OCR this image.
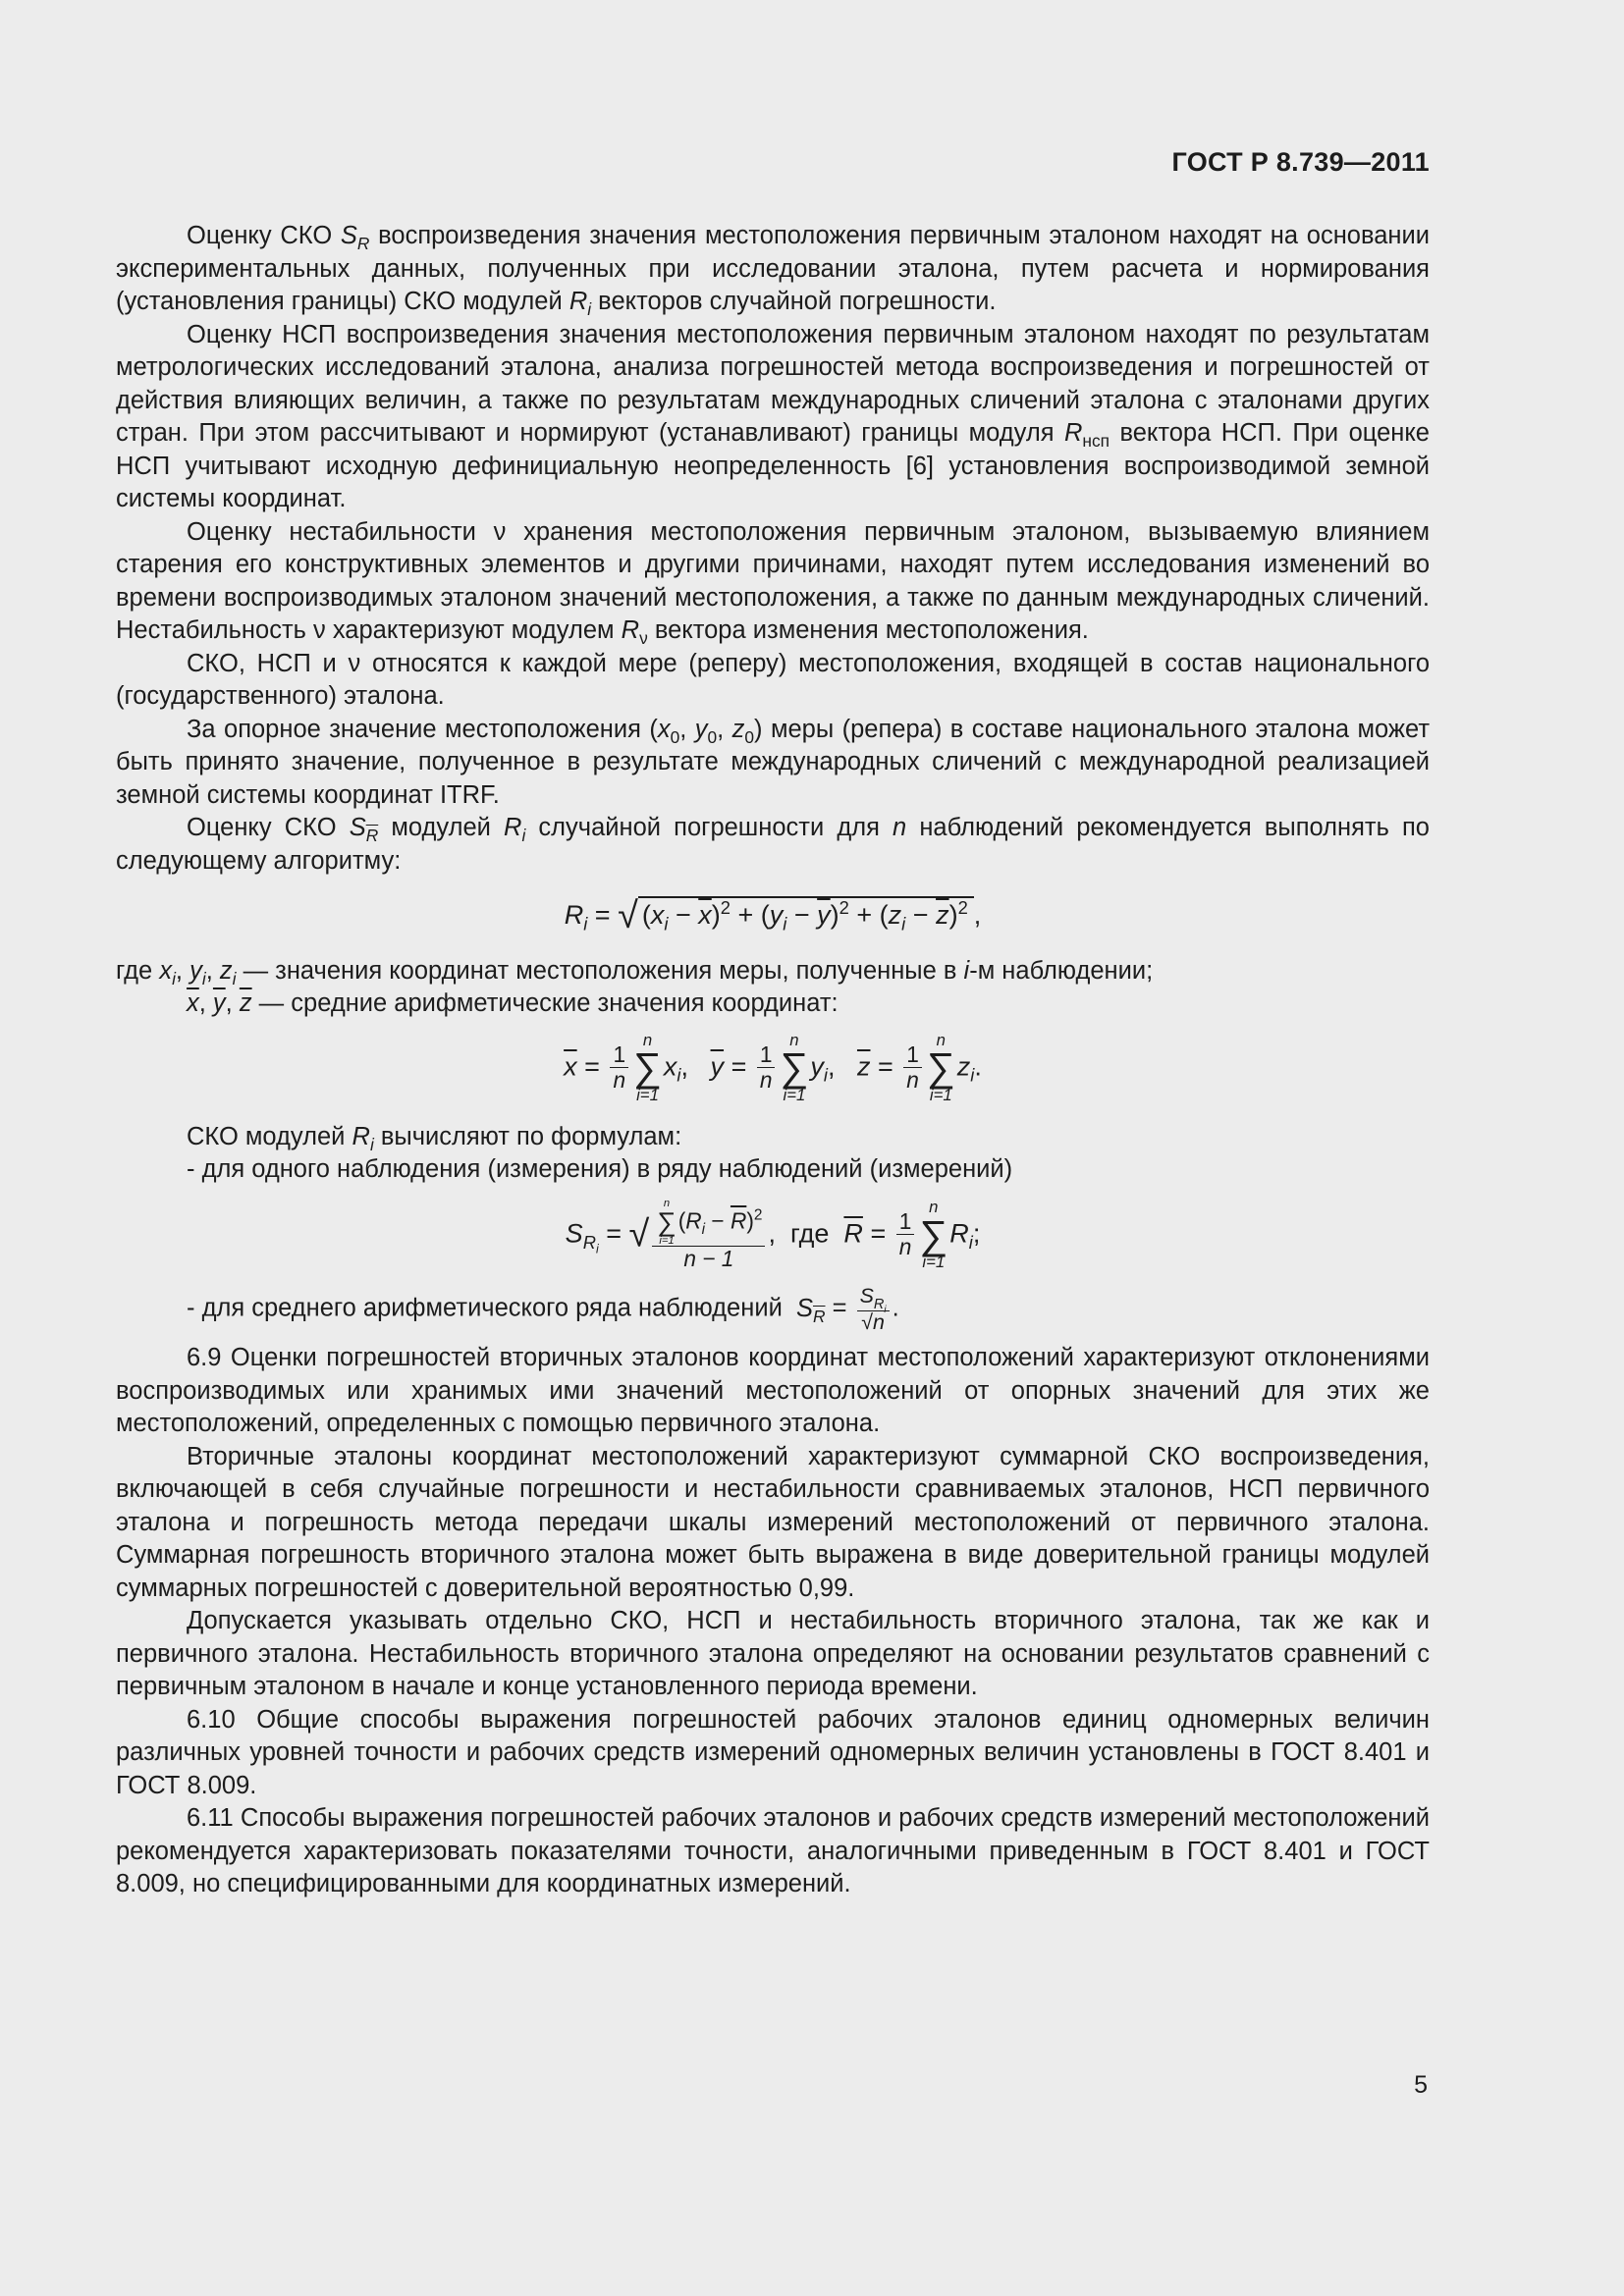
ГОСТ Р 8.739—2011

Оценку СКО $S_R$ воспроизведения значения местоположения первичным эталоном находят на основании экспериментальных данных, полученных при исследовании эталона, путем расчета и нормирования (установления границы) СКО модулей $R_i$ векторов случайной погрешности.

Оценку НСП воспроизведения значения местоположения первичным эталоном находят по результатам метрологических исследований эталона, анализа погрешностей метода воспроизведения и погрешностей от действия влияющих величин, а также по результатам международных сличений эталона с эталонами других стран. При этом рассчитывают и нормируют (устанавливают) границы модуля $R_{нсп}$ вектора НСП. При оценке НСП учитывают исходную дефинициальную неопределенность [6] установления воспроизводимой земной системы координат.

Оценку нестабильности ν хранения местоположения первичным эталоном, вызываемую влиянием старения его конструктивных элементов и другими причинами, находят путем исследования изменений во времени воспроизводимых эталоном значений местоположения, а также по данным международных сличений. Нестабильность ν характеризуют модулем $R_\nu$ вектора изменения местоположения.

СКО, НСП и ν относятся к каждой мере (реперу) местоположения, входящей в состав национального (государственного) эталона.

За опорное значение местоположения ($x_0$, $y_0$, $z_0$) меры (репера) в составе национального эталона может быть принято значение, полученное в результате международных сличений с международной реализацией земной системы координат ITRF.

Оценку СКО $S_{\overline{R}}$ модулей $R_i$ случайной погрешности для n наблюдений рекомендуется выполнять по следующему алгоритму:

$R_i$ = √ $(x_i - \overline{x})^2 + (y_i - \overline{y})^2 + (z_i - \overline{z})^2$ ,

где $x_i$, $y_i$, $z_i$ — значения координат местоположения меры, полученные в i-м наблюдении;

$\overline{x}$, $\overline{y}$, $\overline{z}$ — средние арифметические значения координат:

$\overline{x} = \frac{1}{n}$
n
∑
i=1
$x_i$, $\overline{y} = \frac{1}{n}$
n
∑
i=1
$y_i$, $\overline{z} = \frac{1}{n}$
n
∑
i=1
$z_i$.

СКО модулей $R_i$ вычисляют по формулам:

- для одного наблюдения (измерения) в ряду наблюдений (измерений)

$S_{R_i}$ = √ n
∑
i=1
$(R_i - \overline{R})^2$
n − 1 , где $\overline{R} = \frac{1}{n}$
n
∑
i=1
$R_i$;

- для среднего арифметического ряда наблюдений $S_{\overline{R}} = \frac{S_{R_i}}{√n}$ .

6.9 Оценки погрешностей вторичных эталонов координат местоположений характеризуют отклонениями воспроизводимых или хранимых ими значений местоположений от опорных значений для этих же местоположений, определенных с помощью первичного эталона.

Вторичные эталоны координат местоположений характеризуют суммарной СКО воспроизведения, включающей в себя случайные погрешности и нестабильности сравниваемых эталонов, НСП первичного эталона и погрешность метода передачи шкалы измерений местоположений от первичного эталона. Суммарная погрешность вторичного эталона может быть выражена в виде доверительной границы модулей суммарных погрешностей с доверительной вероятностью 0,99.

Допускается указывать отдельно СКО, НСП и нестабильность вторичного эталона, так же как и первичного эталона. Нестабильность вторичного эталона определяют на основании результатов сравнений с первичным эталоном в начале и конце установленного периода времени.

6.10 Общие способы выражения погрешностей рабочих эталонов единиц одномерных величин различных уровней точности и рабочих средств измерений одномерных величин установлены в ГОСТ 8.401 и ГОСТ 8.009.

6.11 Способы выражения погрешностей рабочих эталонов и рабочих средств измерений местоположений рекомендуется характеризовать показателями точности, аналогичными приведенным в ГОСТ 8.401 и ГОСТ 8.009, но специфицированными для координатных измерений.

5
